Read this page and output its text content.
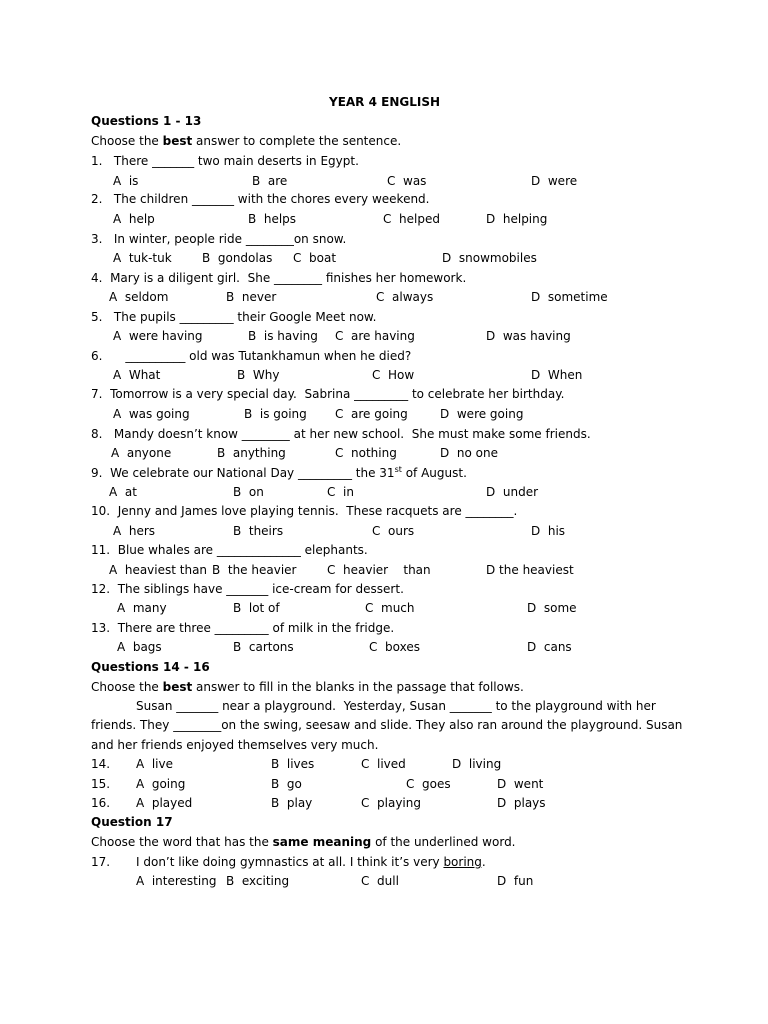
YEAR 4 ENGLISH
Questions 1 - 13
Choose the best answer to complete the sentence.
1.   There _______ two main deserts in Egypt.
A  is	B  are	C  was	D  were
2.   The children _______ with the chores every weekend.
A  help	B  helps	C  helped	D  helping
3.   In winter, people ride ________on snow.
A  tuk-tuk	B  gondolas C  boat	D  snowmobiles
4.  Mary is a diligent girl.  She ________ finishes her homework.
A  seldom	B  never	C  always	D  sometime
5.   The pupils _________ their Google Meet now.
A  were having	B  is having C  are having	D  was having
6.      __________ old was Tutankhamun when he died?
A  What	B  Why	C  How	D  When
7.  Tomorrow is a very special day.  Sabrina _________ to celebrate her birthday.
A  was going	B  is going C  are going	D  were going
8.   Mandy doesn’t know ________ at her new school.  She must make some friends.
A  anyone	B  anything	C  nothing	D  no one
9.  We celebrate our National Day _________ the 31st of August.
A  at	B  on	C  in	D  under
10.  Jenny and James love playing tennis.  These racquets are ________.
A  hers	B  theirs	C  ours	D  his
11.  Blue whales are ______________ elephants.
A  heaviest than B  the heavier	C  heavier    than	D the heaviest
12.  The siblings have _______ ice-cream for dessert.
A  many	B  lot of	C  much	D  some
13.  There are three _________ of milk in the fridge.
A  bags	B  cartons	C  boxes	D  cans
Questions 14 - 16
Choose the best answer to fill in the blanks in the passage that follows.
Susan _______ near a playground.  Yesterday, Susan _______ to the playground with her
friends. They ________on the swing, seesaw and slide. They also ran around the playground. Susan
and her friends enjoyed themselves very much.
14. A  live	B  lives	C  lived	D  living
15. A  going	B  go	C  goes	D  went
16. A  played	B  play	C  playing	D  plays
Question 17
Choose the word that has the same meaning of the underlined word.
17. I don’t like doing gymnastics at all. I think it’s very boring.
A  interesting B  exciting	C  dull	D  fun
